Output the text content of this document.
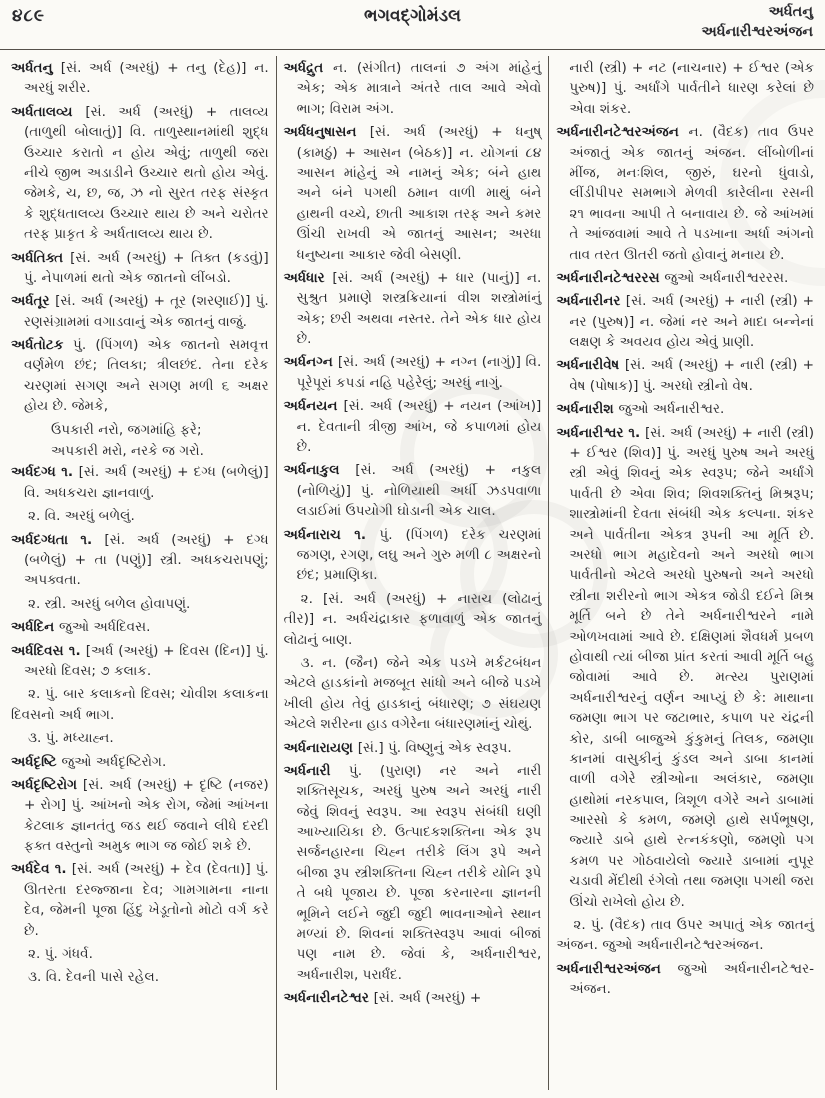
૪૮૯	ભગવદ્ગોમંડલ	અર્ધતનુ
અર્ધનારીશ્વરઅંજન
અર્ધતનુ [સં. અર્ધ (અરધું) + તનુ (દેહ)] ન. અરધું શરીર.
અર્ધતાલવ્ય [સં. અર્ધ (અરધું) + તાલવ્ય (તાળુથી બોલાતું)] વિ. તાળુસ્થાનમાંથી શુદ્ધ ઉચ્ચાર કરાતો ન હોય એવું; તાળુથી જરા નીચે જીભ અડાડીને ઉચ્ચાર થતો હોય એવું. જેમકે, ચ, છ, જ, ઝ નો સુરત તરફ સંસ્કૃત કે શુદ્ધતાલવ્ય ઉચ્ચાર થાય છે અને ચરોતર તરફ પ્રાકૃત કે અર્ધતાલવ્ય થાય છે.
અર્ધતિક્ત [સં. અર્ધ (અરધું) + તિક્ત (કડવું)] પું. નેપાળમાં થતો એક જાતનો લીંબડો.
અર્ધતૂર [સં. અર્ધ (અરધું) + તૂર (શરણાઈ)] પું. રણસંગ્રામમાં વગાડવાનું એક જાતનું વાજું.
અર્ધતોટક પું. (પિંગળ) એક જાતનો સમવૃત્ત વર્ણમેળ છંદ; તિલકા; ત્રીલછંદ. તેના દરેક ચરણમાં સગણ અને સગણ મળી ૬ અક્ષર હોય છે. જેમકે,
ઉપકારી નરો, જગમાંહિ ફરે;
અપકારી મરો, નરકે જ ગરો.
અર્ધદગ્ધ ૧. [સં. અર્ધ (અરધું) + દગ્ધ (બળેલું)] વિ. અધકચરા જ્ઞાનવાળું.
૨. વિ. અરધું બળેલું.
અર્ધદગ્ધતા ૧. [સં. અર્ધ (અરધું) + દગ્ધ (બળેલું) + તા (પણું)] સ્ત્રી. અધકચરાપણું; અપક્વતા.
૨. સ્ત્રી. અરધું બળેલ હોવાપણું.
અર્ધદિન જુઓ અર્ધદિવસ.
અર્ધદિવસ ૧. [અર્ધ (અરધું) + દિવસ (દિન)] પું. અરધો દિવસ; ૭ કલાક.
૨. પું. બાર કલાકનો દિવસ; ચોવીશ કલાકના દિવસનો અર્ધ ભાગ.
૩. પું. મધ્યાહ્ન.
અર્ધદૃષ્ટિ જુઓ અર્ધદૃષ્ટિરોગ.
અર્ધદૃષ્ટિરોગ [સં. અર્ધ (અરધું) + દૃષ્ટિ (નજર) + રોગ] પું. આંખનો એક રોગ, જેમાં આંખના કેટલાક જ્ઞાનતંતુ જડ થઈ જવાને લીધે દરદી ફક્ત વસ્તુનો અમુક ભાગ જ જોઈ શકે છે.
અર્ધદેવ ૧. [સં. અર્ધ (અરધું) + દેવ (દેવતા)] પું. ઊતરતા દરજ્જાના દેવ; ગામગામના નાના દેવ, જેમની પૂજા હિંદુ ખેડૂતોનો મોટો વર્ગ કરે છે.
૨. પું. ગંધર્વ.
૩. વિ. દેવની પાસે રહેલ.
અર્ધદ્રુત ન. (સંગીત) તાલનાં ૭ અંગ માંહેનું એક; એક માત્રાને અંતરે તાલ આવે એવો ભાગ; વિરામ અંગ.
અર્ધધનુષાસન [સં. અર્ધ (અરધું) + ધનુષ્ (કામઠું) + આસન (બેઠક)] ન. યોગનાં ૮૪ આસન માંહેનું એ નામનું એક; બંને હાથ અને બંને પગથી ઠમાન વાળી માથું બંને હાથની વચ્ચે, છાતી આકાશ તરફ અને કમર ઊંચી રાખવી એ જાતનું આસન; અરધા ધનુષ્યના આકાર જેવી બેસણી.
અર્ધધાર [સં. અર્ધ (અરધું) + ધાર (પાનું)] ન. સુશ્રુત પ્રમાણે શસ્ત્રક્રિયાનાં વીશ શસ્ત્રોમાંનું એક; છરી અથવા નસ્તર. તેને એક ધાર હોય છે.
અર્ધનગ્ન [સં. અર્ધ (અરધું) + નગ્ન (નાગું)] વિ. પૂરેપૂરાં કપડાં નહિ પહેરેલું; અરધું નાગું.
અર્ધનયન [સં. અર્ધ (અરધું) + નયન (આંખ)] ન. દેવતાની ત્રીજી આંખ, જે કપાળમાં હોય છે.
અર્ધનાકુલ [સં. અર્ધ (અરધું) + નકુલ (નોળિયું)] પું. નોળિયાથી અર્ધી ઝડપવાળા લડાઈમાં ઉપયોગી ઘોડાની એક ચાલ.
અર્ધનારાચ ૧. પું. (પિંગળ) દરેક ચરણમાં જગણ, રગણ, લઘુ અને ગુરુ મળી ૮ અક્ષરનો છંદ; પ્રમાણિકા.
૨. [સં. અર્ધ (અરધું) + નારાચ (લોઢાનું તીર)] ન. અર્ધચંદ્રાકાર ફળાવાળું એક જાતનું લોઢાનું બાણ.
૩. ન. (જૈન) જેને એક પડખે મર્કટબંધન એટલે હાડકાંનો મજબૂત સાંધો અને બીજે પડખે ખીલી હોય તેવું હાડકાનું બંધારણ; ૭ સંઘયણ એટલે શરીરના હાડ વગેરેના બંધારણમાંનું ચોથું.
અર્ધનારાયણ [સં.] પું. વિષ્ણુનું એક સ્વરૂપ.
અર્ધનારી પું. (પુરાણ) નર અને નારી શક્તિસૂચક, અરધું પુરુષ અને અરધું નારી જેવું શિવનું સ્વરૂપ. આ સ્વરૂપ સંબંધી ઘણી આખ્યાયિકા છે. ઉત્પાદકશક્તિના એક રૂપ સર્જનહારના ચિહ્ન તરીકે લિંગ રૂપે અને બીજા રૂપ સ્ત્રીશક્તિના ચિહ્ન તરીકે યોનિ રૂપે તે બધે પૂજાય છે. પૂજા કરનારના જ્ઞાનની ભૂમિને લઈને જુદી જુદી ભાવનાઓને સ્થાન મળ્યાં છે. શિવનાં શક્તિસ્વરૂપ આવાં બીજાં પણ નામ છે. જેવાં કે, અર્ધનારીશ્વર, અર્ધનારીશ, પરાર્ધંદ.
અર્ધનારીનટેશ્વર [સં. અર્ધ (અરધું) +
નારી (સ્ત્રી) + નટ (નાચનાર) + ઈશ્વર (એક પુરુષ)] પું. અર્ધાંગે પાર્વતીને ધારણ કરેલાં છે એવા શંકર.
અર્ધનારીનટેશ્વરઅંજન ન. (વૈદક) તાવ ઉપર અંજાતું એક જાતનું અંજન. લીંબોળીનાં મીંજ, મનઃશિલ, જીરું, ઘરનો ધુંવાડો, લીંડીપીપર સમભાગે મેળવી કારેલીના રસની ૨૧ ભાવના આપી તે બનાવાય છે. જે આંખમાં તે આંજવામાં આવે તે પડખાના અર્ધા અંગનો તાવ તરત ઊતરી જતો હોવાનું મનાય છે.
અર્ધનારીનટેશ્વરરસ જુઓ અર્ધનારીશ્વરરસ.
અર્ધનારીનર [સં. અર્ધ (અરધું) + નારી (સ્ત્રી) + નર (પુરુષ)] ન. જેમાં નર અને માદા બન્નેનાં લક્ષણ કે અવયવ હોય એવું પ્રાણી.
અર્ધનારીવેષ [સં. અર્ધ (અરધું) + નારી (સ્ત્રી) + વેષ (પોષાક)] પું. અરધો સ્ત્રીનો વેષ.
અર્ધનારીશ જુઓ અર્ધનારીશ્વર.
અર્ધનારીશ્વર ૧. [સં. અર્ધ (અરધું) + નારી (સ્ત્રી) + ઈશ્વર (શિવ)] પું. અરધું પુરુષ અને અરધું સ્ત્રી એવું શિવનું એક સ્વરૂપ; જેને અર્ધાંગે પાર્વતી છે એવા શિવ; શિવશક્તિનું મિશ્રરૂપ; શાસ્ત્રોમાંની દેવતા સંબંધી એક કલ્પના. શંકર અને પાર્વતીના એકત્ર રૂપની આ મૂર્તિ છે. અરધો ભાગ મહાદેવનો અને અરધો ભાગ પાર્વતીનો એટલે અરધો પુરુષનો અને અરધો સ્ત્રીના શરીરનો ભાગ એકત્ર જોડી દઈને મિશ્ર મૂર્તિ બને છે તેને અર્ધનારીશ્વરને નામે ઓળખવામાં આવે છે. દક્ષિણમાં શૈવધર્મ પ્રબળ હોવાથી ત્યાં બીજા પ્રાંત કરતાં આવી મૂર્તિ બહુ જોવામાં આવે છે. મત્સ્ય પુરાણમાં અર્ધનારીશ્વરનું વર્ણન આપ્યું છે કે: માથાના જમણા ભાગ પર જટાભાર, કપાળ પર ચંદ્રની કોર, ડાબી બાજુએ કુંકુમનું તિલક, જમણા કાનમાં વાસુકીનું કુંડલ અને ડાબા કાનમાં વાળી વગેરે સ્ત્રીઓના અલંકાર, જમણા હાથોમાં નરકપાલ, ત્રિશૂળ વગેરે અને ડાબામાં આરસો કે કમળ, જમણે હાથે સર્પભૂષણ, જ્યારે ડાબે હાથે રત્નકંકણો, જમણો પગ કમળ પર ગોઠવાયેલો જ્યારે ડાબામાં નુપૂર ચડાવી મેંદીથી રંગેલો તથા જમણા પગથી જરા ઊંચો રાખેલો હોય છે.
૨. પું. (વૈદક) તાવ ઉપર અપાતું એક જાતનું અંજન. જુઓ અર્ધનારીનટેશ્વરઅંજન.
અર્ધનારીશ્વરઅંજન જુઓ અર્ધનારીનટેશ્વર-અંજન.
